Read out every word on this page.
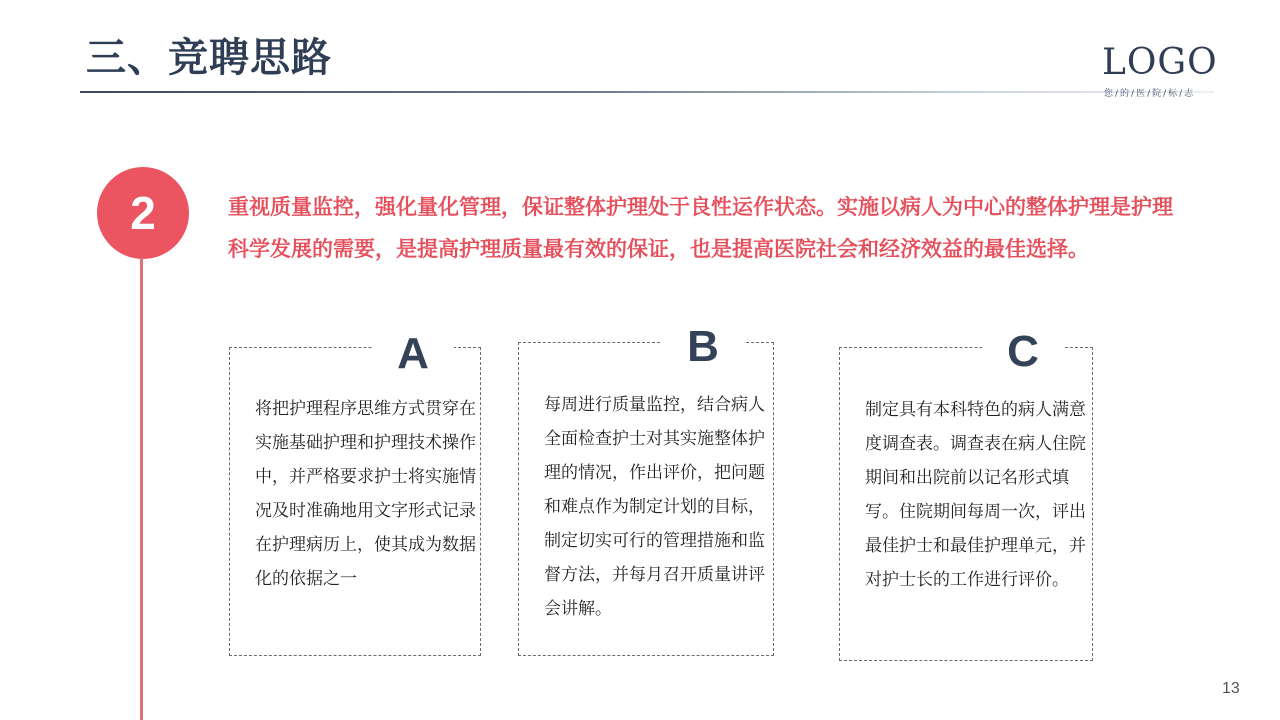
三、竞聘思路	LOGO
您/的/医/院/标/志
2	重视质量监控，强化量化管理，保证整体护理处于良性运作状态。实施以病人为中心的整体护理是护理科学发展的需要，是提高护理质量最有效的保证，也是提高医院社会和经济效益的最佳选择。
A
将把护理程序思维方式贯穿在实施基础护理和护理技术操作中，并严格要求护士将实施情况及时准确地用文字形式记录在护理病历上，使其成为数据化的依据之一
B
每周进行质量监控，结合病人全面检查护士对其实施整体护理的情况，作出评价，把问题和难点作为制定计划的目标，制定切实可行的管理措施和监督方法，并每月召开质量讲评会讲解。
C
制定具有本科特色的病人满意度调查表。调查表在病人住院期间和出院前以记名形式填写。住院期间每周一次，评出最佳护士和最佳护理单元，并对护士长的工作进行评价。
13
